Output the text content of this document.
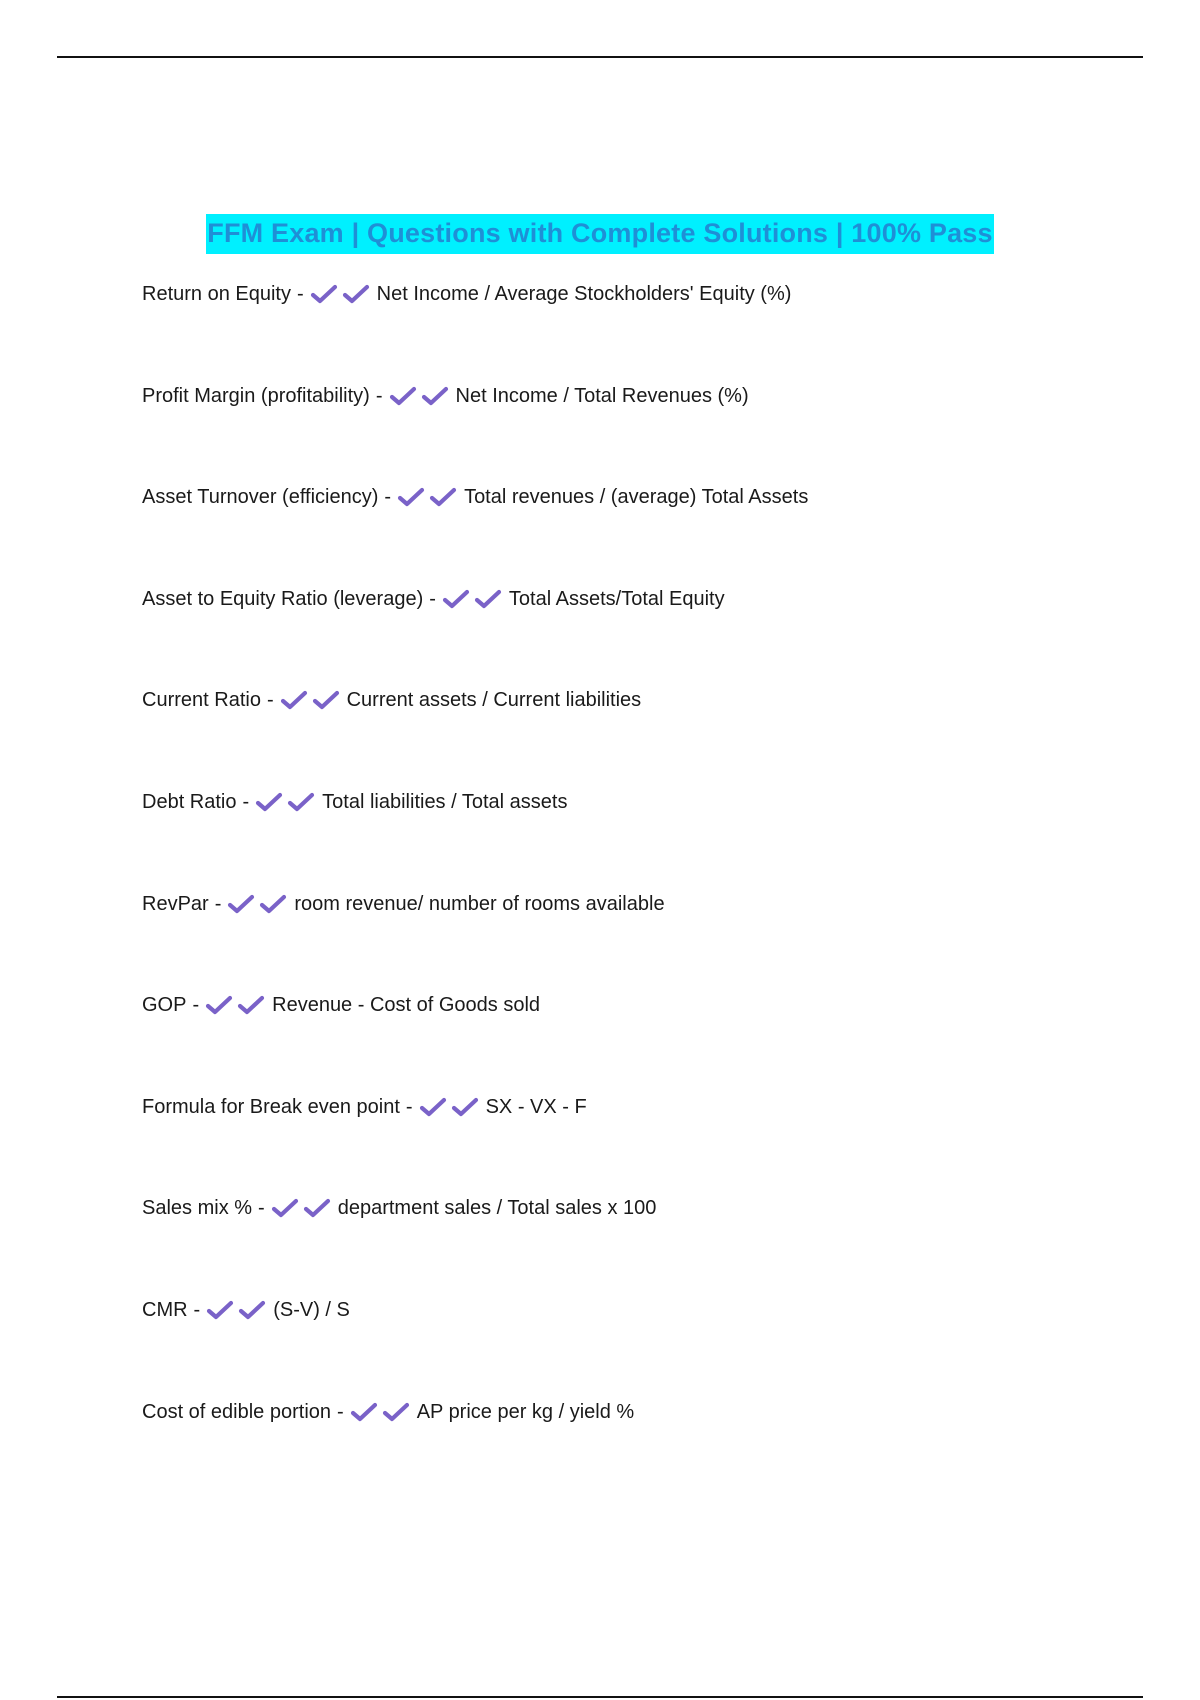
FFM Exam | Questions with Complete Solutions | 100% Pass
Return on Equity -	Net Income / Average Stockholders' Equity (%)
Profit Margin (profitability) -	Net Income / Total Revenues (%)
Asset Turnover (efficiency) -	Total revenues / (average) Total Assets
Asset to Equity Ratio (leverage) -	Total Assets/Total Equity
Current Ratio -	Current assets / Current liabilities
Debt Ratio -	Total liabilities / Total assets
RevPar -	room revenue/ number of rooms available
GOP -	Revenue - Cost of Goods sold
Formula for Break even point -	SX - VX - F
Sales mix % -	department sales / Total sales x 100
CMR -	(S-V) / S
Cost of edible portion -	AP price per kg / yield %
